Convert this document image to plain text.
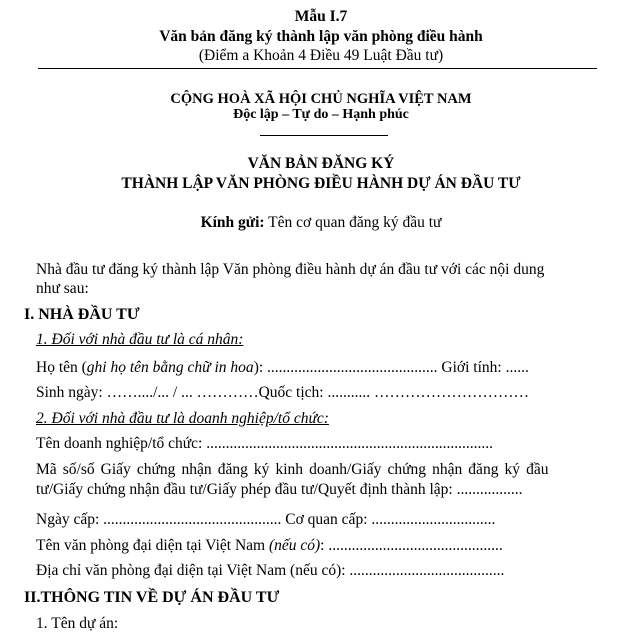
Mẫu I.7
Văn bản đăng ký thành lập văn phòng điều hành
(Điểm a Khoản 4 Điều 49 Luật Đầu tư)
CỘNG HOÀ XÃ HỘI CHỦ NGHĨA VIỆT NAM
Độc lập – Tự do – Hạnh phúc
VĂN BẢN ĐĂNG KÝ
THÀNH LẬP VĂN PHÒNG ĐIỀU HÀNH DỰ ÁN ĐẦU TƯ
Kính gửi: Tên cơ quan đăng ký đầu tư
Nhà đầu tư đăng ký thành lập Văn phòng điều hành dự án đầu tư với các nội dung
như sau:
I. NHÀ ĐẦU TƯ
1. Đối với nhà đầu tư là cá nhân:
Họ tên (ghi họ tên bằng chữ in hoa): ............................................ Giới tính: ......
Sinh ngày: ……..../... / ... …………Quốc tịch: ........... …………………………
2. Đối với nhà đầu tư là doanh nghiệp/tổ chức:
Tên doanh nghiệp/tổ chức: ..........................................................................
Mã số/số Giấy chứng nhận đăng ký kinh doanh/Giấy chứng nhận đăng ký đầu
tư/Giấy chứng nhận đầu tư/Giấy phép đầu tư/Quyết định thành lập: .................
Ngày cấp: .............................................. Cơ quan cấp: ................................
Tên văn phòng đại diện tại Việt Nam (nếu có): .............................................
Địa chỉ văn phòng đại diện tại Việt Nam (nếu có): ........................................
II.THÔNG TIN VỀ DỰ ÁN ĐẦU TƯ
1. Tên dự án:
